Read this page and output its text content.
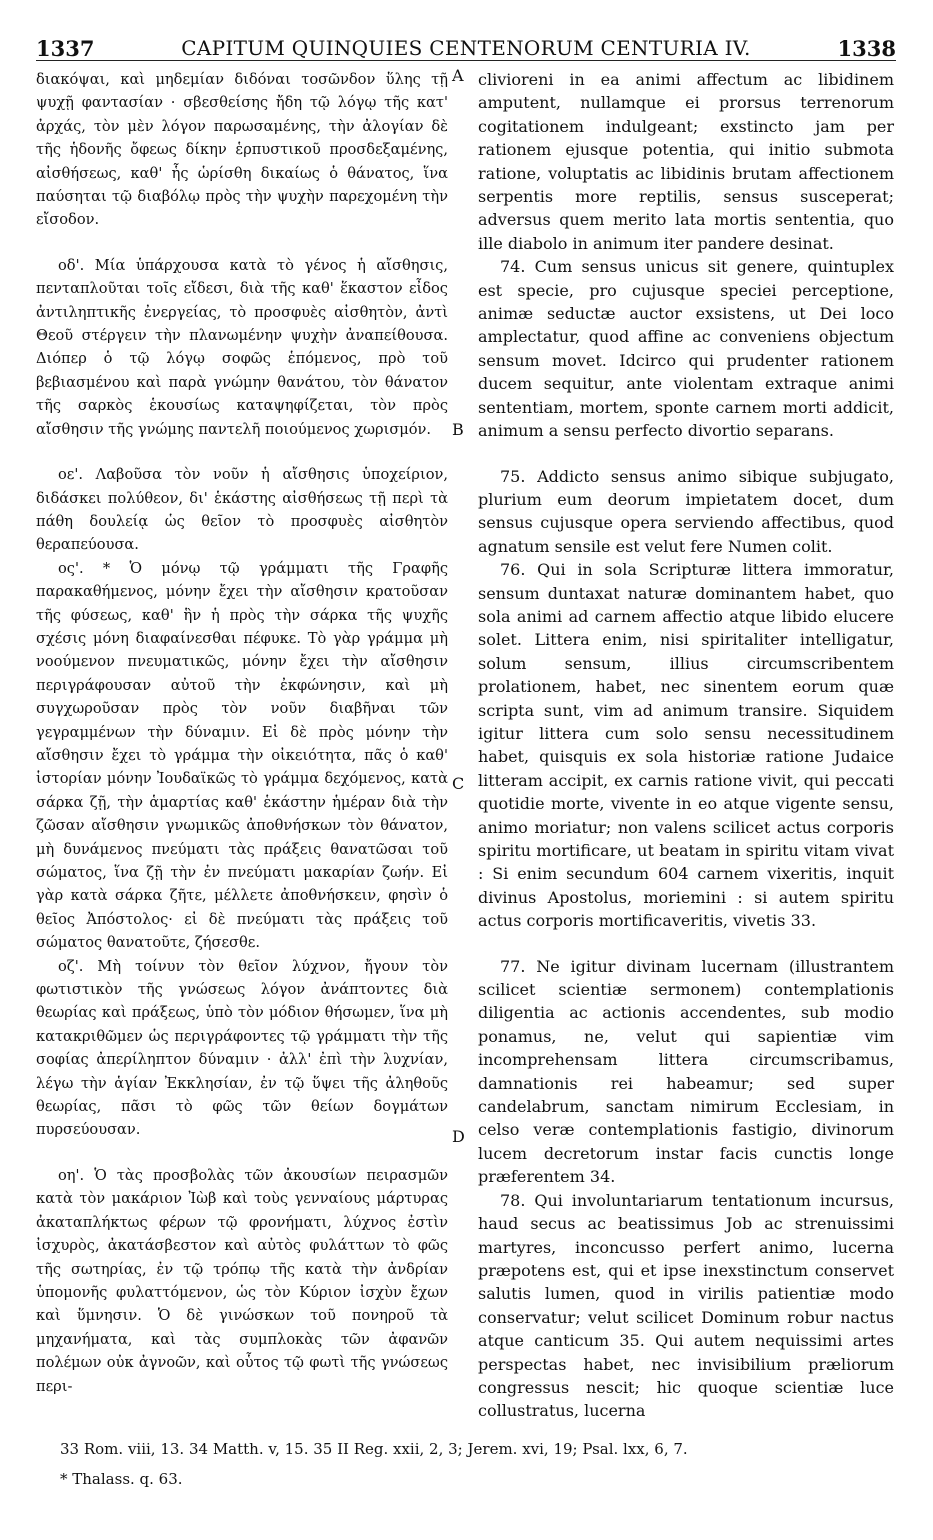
1337	CAPITUM QUINQUIES CENTENORUM CENTURIA IV.	1338

διακόψαι, καὶ μηδεμίαν διδόναι τοσῶνδον ὕλης τῇ ψυχῇ φαντασίαν · σβεσθείσης ἤδη τῷ λόγῳ τῆς κατ' ἀρχάς, τὸν μὲν λόγον παρωσαμένης, τὴν ἀλογίαν δὲ τῆς ἡδονῆς ὄφεως δίκην ἑρπυστικοῦ προσδεξαμένης, αἰσθήσεως, καθ' ἧς ὡρίσθη δικαίως ὁ θάνατος, ἵνα παύσηται τῷ διαβόλῳ πρὸς τὴν ψυχὴν παρεχομένη τὴν εἴσοδον.

οδ'. Μία ὑπάρχουσα κατὰ τὸ γένος ἡ αἴσθησις, πενταπλοῦται τοῖς εἴδεσι, διὰ τῆς καθ' ἕκαστον εἶδος ἀντιληπτικῆς ἐνεργείας, τὸ προσφυὲς αἰσθητὸν, ἀντὶ Θεοῦ στέργειν τὴν πλανωμένην ψυχὴν ἀναπείθουσα. Διόπερ ὁ τῷ λόγῳ σοφῶς ἑπόμενος, πρὸ τοῦ βεβιασμένου καὶ παρὰ γνώμην θανάτου, τὸν θάνατον τῆς σαρκὸς ἑκουσίως καταψηφίζεται, τὸν πρὸς αἴσθησιν τῆς γνώμης παντελῆ ποιούμενος χωρισμόν.

οε'. Λαβοῦσα τὸν νοῦν ἡ αἴσθησις ὑποχείριον, διδάσκει πολύθεον, δι' ἑκάστης αἰσθήσεως τῇ περὶ τὰ πάθη δουλείᾳ ὡς θεῖον τὸ προσφυὲς αἰσθητὸν θεραπεύουσα.

ος'. * Ὁ μόνῳ τῷ γράμματι τῆς Γραφῆς παρακαθήμενος, μόνην ἔχει τὴν αἴσθησιν κρατοῦσαν τῆς φύσεως, καθ' ἣν ἡ πρὸς τὴν σάρκα τῆς ψυχῆς σχέσις μόνη διαφαίνεσθαι πέφυκε. Τὸ γὰρ γράμμα μὴ νοούμενον πνευματικῶς, μόνην ἔχει τὴν αἴσθησιν περιγράφουσαν αὐτοῦ τὴν ἐκφώνησιν, καὶ μὴ συγχωροῦσαν πρὸς τὸν νοῦν διαβῆναι τῶν γεγραμμένων τὴν δύναμιν. Εἰ δὲ πρὸς μόνην τὴν αἴσθησιν ἔχει τὸ γράμμα τὴν οἰκειότητα, πᾶς ὁ καθ' ἱστορίαν μόνην Ἰουδαϊκῶς τὸ γράμμα δεχόμενος, κατὰ σάρκα ζῇ, τὴν ἁμαρτίας καθ' ἑκάστην ἡμέραν διὰ τὴν ζῶσαν αἴσθησιν γνωμικῶς ἀποθνήσκων τὸν θάνατον, μὴ δυνάμενος πνεύματι τὰς πράξεις θανατῶσαι τοῦ σώματος, ἵνα ζῇ τὴν ἐν πνεύματι μακαρίαν ζωήν. Εἰ γὰρ κατὰ σάρκα ζῆτε, μέλλετε ἀποθνήσκειν, φησὶν ὁ θεῖος Ἀπόστολος· εἰ δὲ πνεύματι τὰς πράξεις τοῦ σώματος θανατοῦτε, ζήσεσθε.

οζ'. Μὴ τοίνυν τὸν θεῖον λύχνον, ἤγουν τὸν φωτιστικὸν τῆς γνώσεως λόγον ἀνάπτοντες διὰ θεωρίας καὶ πράξεως, ὑπὸ τὸν μόδιον θήσωμεν, ἵνα μὴ κατακριθῶμεν ὡς περιγράφοντες τῷ γράμματι τὴν τῆς σοφίας ἀπερίληπτον δύναμιν · ἀλλ' ἐπὶ τὴν λυχνίαν, λέγω τὴν ἁγίαν Ἐκκλησίαν, ἐν τῷ ὕψει τῆς ἀληθοῦς θεωρίας, πᾶσι τὸ φῶς τῶν θείων δογμάτων πυρσεύουσαν.

οη'. Ὁ τὰς προσβολὰς τῶν ἀκουσίων πειρασμῶν κατὰ τὸν μακάριον Ἰὼβ καὶ τοὺς γενναίους μάρτυρας ἀκαταπλήκτως φέρων τῷ φρονήματι, λύχνος ἐστὶν ἰσχυρὸς, ἀκατάσβεστον καὶ αὐτὸς φυλάττων τὸ φῶς τῆς σωτηρίας, ἐν τῷ τρόπῳ τῆς κατὰ τὴν ἀνδρίαν ὑπομονῆς φυλαττόμενον, ὡς τὸν Κύριον ἰσχὺν ἔχων καὶ ὕμνησιν. Ὁ δὲ γινώσκων τοῦ πονηροῦ τὰ μηχανήματα, καὶ τὰς συμπλοκὰς τῶν ἀφανῶν πολέμων οὐκ ἀγνοῶν, καὶ οὗτος τῷ φωτὶ τῆς γνώσεως περι-

clivioreni in ea animi affectum ac libidinem amputent, nullamque ei prorsus terrenorum cogitationem indulgeant; exstincto jam per rationem ejusque potentia, qui initio submota ratione, voluptatis ac libidinis brutam affectionem serpentis more reptilis, sensus susceperat; adversus quem merito lata mortis sententia, quo ille diabolo in animum iter pandere desinat.

74. Cum sensus unicus sit genere, quintuplex est specie, pro cujusque speciei perceptione, animæ seductæ auctor exsistens, ut Dei loco amplectatur, quod affine ac conveniens objectum sensum movet. Idcirco qui prudenter rationem ducem sequitur, ante violentam extraque animi sententiam, mortem, sponte carnem morti addicit, animum a sensu perfecto divortio separans.

75. Addicto sensus animo sibique subjugato, plurium eum deorum impietatem docet, dum sensus cujusque opera serviendo affectibus, quod agnatum sensile est velut fere Numen colit.

76. Qui in sola Scripturæ littera immoratur, sensum duntaxat naturæ dominantem habet, quo sola animi ad carnem affectio atque libido elucere solet. Littera enim, nisi spiritaliter intelligatur, solum sensum, illius circumscribentem prolationem, habet, nec sinentem eorum quæ scripta sunt, vim ad animum transire. Siquidem igitur littera cum solo sensu necessitudinem habet, quisquis ex sola historiæ ratione Judaice litteram accipit, ex carnis ratione vivit, qui peccati quotidie morte, vivente in eo atque vigente sensu, animo moriatur; non valens scilicet actus corporis spiritu mortificare, ut beatam in spiritu vitam vivat : Si enim secundum 604 carnem vixeritis, inquit divinus Apostolus, moriemini : si autem spiritu actus corporis mortificaveritis, vivetis 33.

77. Ne igitur divinam lucernam (illustrantem scilicet scientiæ sermonem) contemplationis diligentia ac actionis accendentes, sub modio ponamus, ne, velut qui sapientiæ vim incomprehensam littera circumscribamus, damnationis rei habeamur; sed super candelabrum, sanctam nimirum Ecclesiam, in celso veræ contemplationis fastigio, divinorum lucem decretorum instar facis cunctis longe præferentem 34.

78. Qui involuntariarum tentationum incursus, haud secus ac beatissimus Job ac strenuissimi martyres, inconcusso perfert animo, lucerna præpotens est, qui et ipse inexstinctum conservet salutis lumen, quod in virilis patientiæ modo conservatur; velut scilicet Dominum robur nactus atque canticum 35. Qui autem nequissimi artes perspectas habet, nec invisibilium præliorum congressus nescit; hic quoque scientiæ luce collustratus, lucerna

A
B
C
D
33 Rom. viii, 13. 34 Matth. v, 15. 35 II Reg. xxii, 2, 3; Jerem. xvi, 19; Psal. lxx, 6, 7.
* Thalass. q. 63.
